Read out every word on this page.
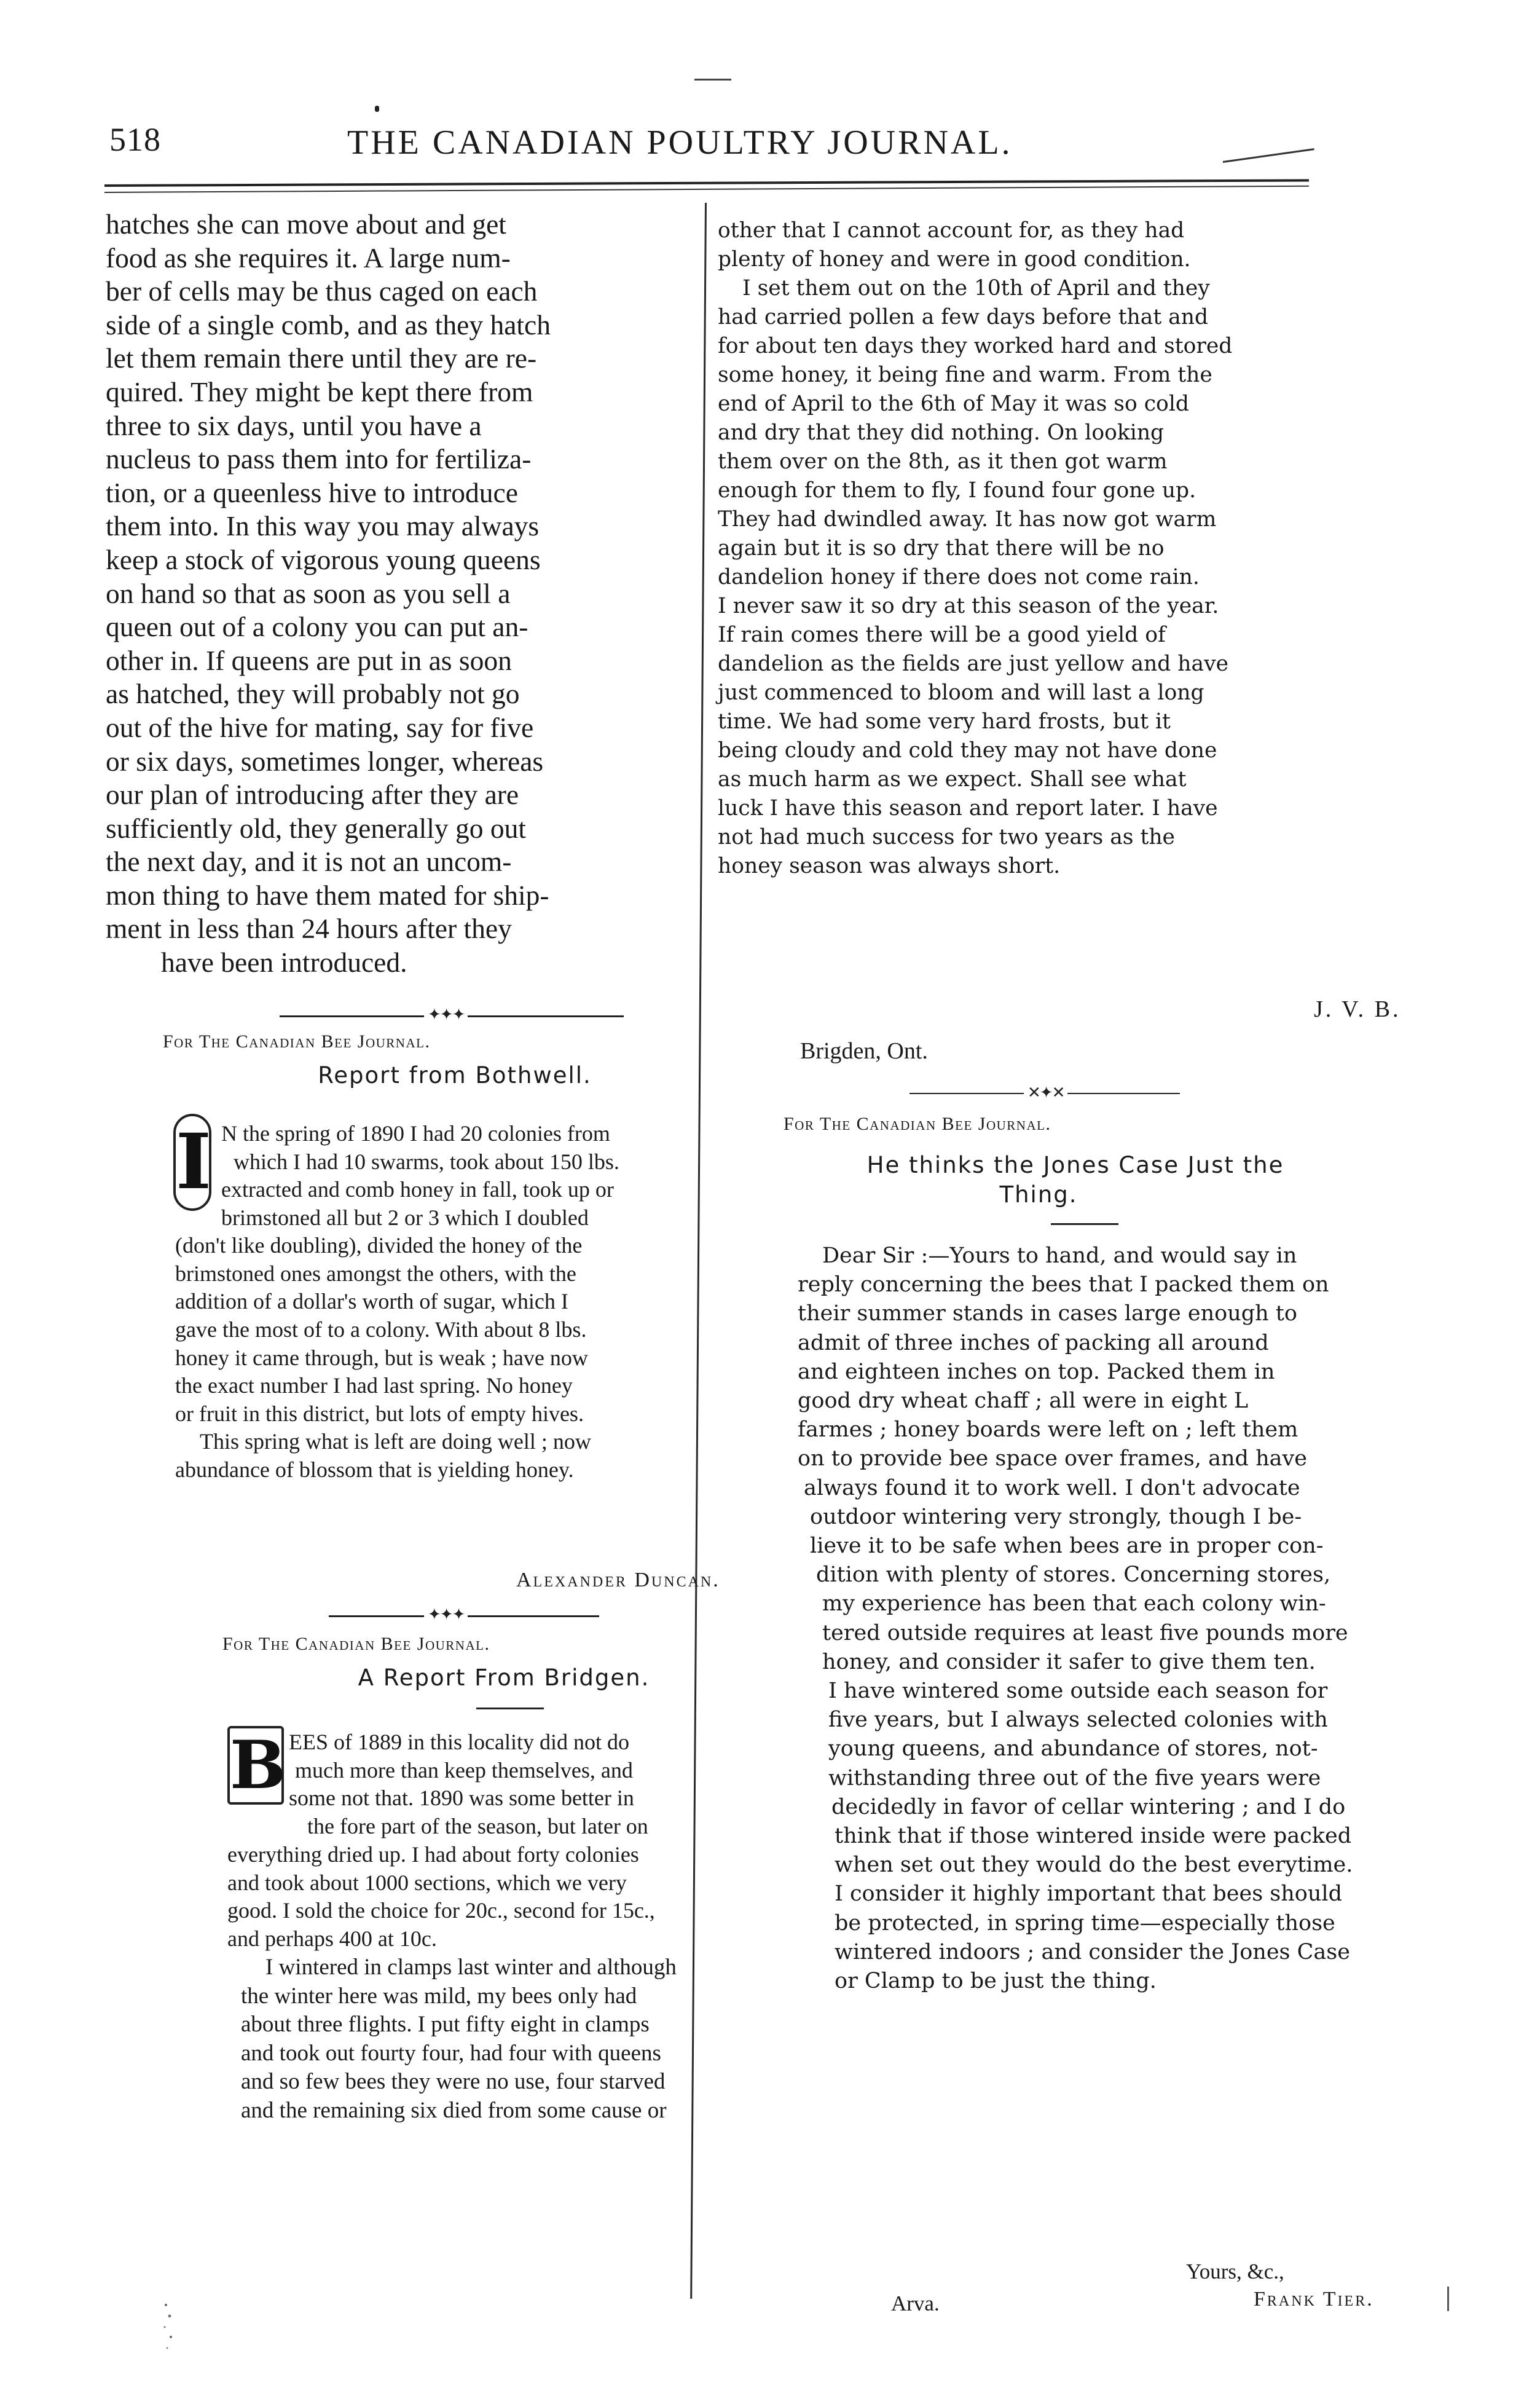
518	THE CANADIAN POULTRY JOURNAL.
hatches she can move about and get
food as she requires it. A large num-
ber of cells may be thus caged on each
side of a single comb, and as they hatch
let them remain there until they are re-
quired. They might be kept there from
three to six days, until you have a
nucleus to pass them into for fertiliza-
tion, or a queenless hive to introduce
them into. In this way you may always
keep a stock of vigorous young queens
on hand so that as soon as you sell a
queen out of a colony you can put an-
other in. If queens are put in as soon
as hatched, they will probably not go
out of the hive for mating, say for five
or six days, sometimes longer, whereas
our plan of introducing after they are
sufficiently old, they generally go out
the next day, and it is not an uncom-
mon thing to have them mated for ship-
ment in less than 24 hours after they
have been introduced.
✦✦✦
For The Canadian Bee Journal.
Report from Bothwell.
I N the spring of 1890 I had 20 colonies from
which I had 10 swarms, took about 150 lbs.
extracted and comb honey in fall, took up or
brimstoned all but 2 or 3 which I doubled
(don't like doubling), divided the honey of the
brimstoned ones amongst the others, with the
addition of a dollar's worth of sugar, which I
gave the most of to a colony. With about 8 lbs.
honey it came through, but is weak ; have now
the exact number I had last spring. No honey
or fruit in this district, but lots of empty hives.
This spring what is left are doing well ; now
abundance of blossom that is yielding honey.
Alexander Duncan.
✦✦✦
For The Canadian Bee Journal.
A Report From Bridgen.
B EES of 1889 in this locality did not do
much more than keep themselves, and
some not that. 1890 was some better in
the fore part of the season, but later on
everything dried up. I had about forty colonies
and took about 1000 sections, which we very
good. I sold the choice for 20c., second for 15c.,
and perhaps 400 at 10c.
I wintered in clamps last winter and although
the winter here was mild, my bees only had
about three flights. I put fifty eight in clamps
and took out fourty four, had four with queens
and so few bees they were no use, four starved
and the remaining six died from some cause or
other that I cannot account for, as they had
plenty of honey and were in good condition.
I set them out on the 10th of April and they
had carried pollen a few days before that and
for about ten days they worked hard and stored
some honey, it being fine and warm. From the
end of April to the 6th of May it was so cold
and dry that they did nothing. On looking
them over on the 8th, as it then got warm
enough for them to fly, I found four gone up.
They had dwindled away. It has now got warm
again but it is so dry that there will be no
dandelion honey if there does not come rain.
I never saw it so dry at this season of the year.
If rain comes there will be a good yield of
dandelion as the fields are just yellow and have
just commenced to bloom and will last a long
time. We had some very hard frosts, but it
being cloudy and cold they may not have done
as much harm as we expect. Shall see what
luck I have this season and report later. I have
not had much success for two years as the
honey season was always short.
J. V. B.
Brigden, Ont.
✕✦✕
For The Canadian Bee Journal.
He thinks the Jones Case Just the
Thing.
Dear Sir :—Yours to hand, and would say in
reply concerning the bees that I packed them on
their summer stands in cases large enough to
admit of three inches of packing all around
and eighteen inches on top. Packed them in
good dry wheat chaff ; all were in eight L
farmes ; honey boards were left on ; left them
on to provide bee space over frames, and have
always found it to work well. I don't advocate
outdoor wintering very strongly, though I be-
lieve it to be safe when bees are in proper con-
dition with plenty of stores. Concerning stores,
my experience has been that each colony win-
tered outside requires at least five pounds more
honey, and consider it safer to give them ten.
I have wintered some outside each season for
five years, but I always selected colonies with
young queens, and abundance of stores, not-
withstanding three out of the five years were
decidedly in favor of cellar wintering ; and I do
think that if those wintered inside were packed
when set out they would do the best everytime.
I consider it highly important that bees should
be protected, in spring time—especially those
wintered indoors ; and consider the Jones Case
or Clamp to be just the thing.
Yours, &c.,
Arva.	Frank Tier.
